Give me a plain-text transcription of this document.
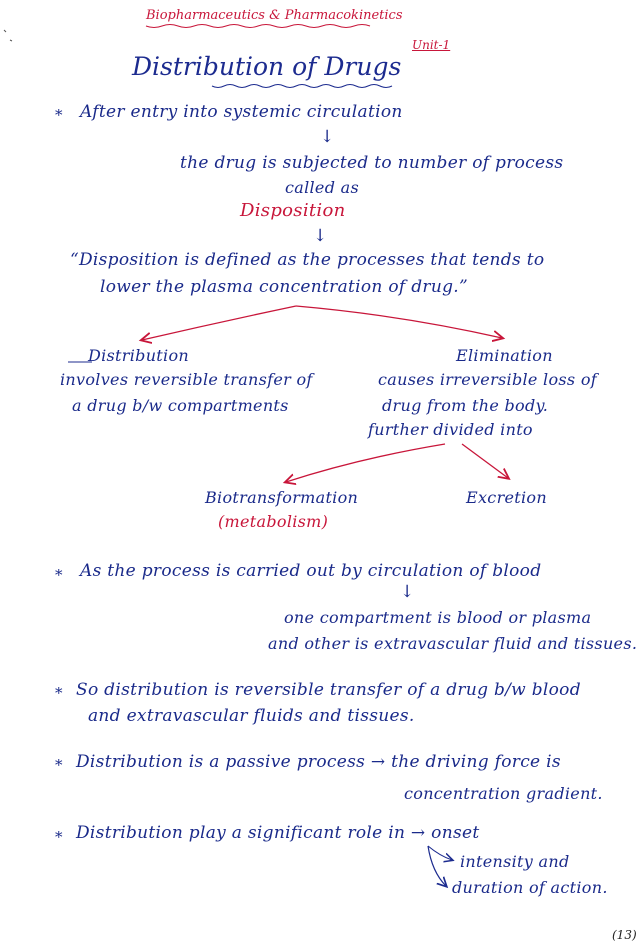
Biopharmaceutics & Pharmacokinetics
Unit-1
Distribution of Drugs
* After entry into systemic circulation
↓
the drug is subjected to number of process
called as
Disposition
↓
“Disposition is defined as the processes that tends to
lower the plasma concentration of drug.”
Distribution
involves reversible transfer of
a drug b/w compartments
Elimination
causes irreversible loss of
drug from the body.
further divided into
Biotransformation
(metabolism)
Excretion
* As the process is carried out by circulation of blood
↓
one compartment is blood or plasma
and other is extravascular fluid and tissues.
* So distribution is reversible transfer of a drug b/w blood
and extravascular fluids and tissues.
* Distribution is a passive process → the driving force is
concentration gradient.
* Distribution play a significant role in → onset
intensity and
duration of action.
(13)
